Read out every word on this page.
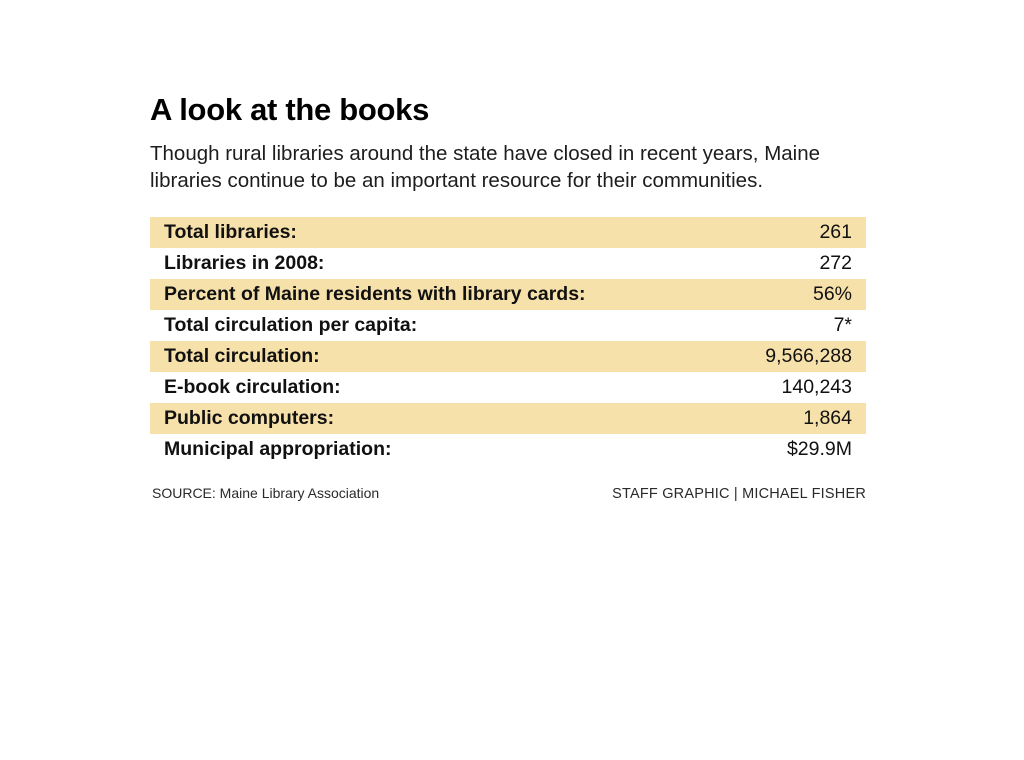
A look at the books

Though rural libraries around the state have closed in recent years, Maine libraries continue to be an important resource for their communities.

Total libraries:	261
Libraries in 2008:	272
Percent of Maine residents with library cards:	56%
Total circulation per capita:	7*
Total circulation:	9,566,288
E-book circulation:	140,243
Public computers:	1,864
Municipal appropriation:	$29.9M
SOURCE: Maine Library Association	STAFF GRAPHIC | MICHAEL FISHER
